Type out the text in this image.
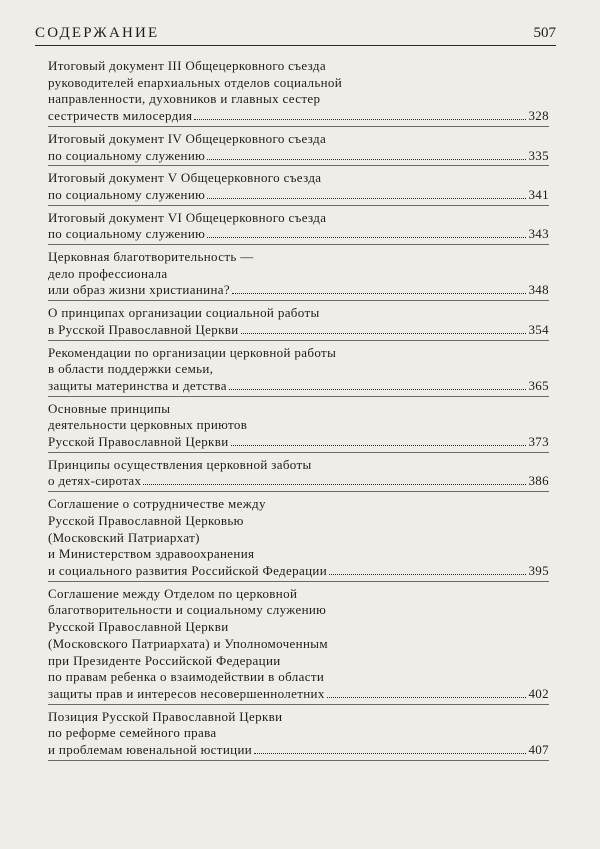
СОДЕРЖАНИЕ	507
Итоговый документ III Общецерковного съезда
руководителей епархиальных отделов социальной
направленности, духовников и главных сестер
сестричеств милосердия	328
Итоговый документ IV Общецерковного съезда
по социальному служению	335
Итоговый документ V Общецерковного съезда
по социальному служению	341
Итоговый документ VI Общецерковного съезда
по социальному служению	343
Церковная благотворительность —
дело профессионала
или образ жизни христианина?	348
О принципах организации социальной работы
в Русской Православной Церкви	354
Рекомендации по организации церковной работы
в области поддержки семьи,
защиты материнства и детства	365
Основные принципы
деятельности церковных приютов
Русской Православной Церкви	373
Принципы осуществления церковной заботы
о детях-сиротах	386
Соглашение о сотрудничестве между
Русской Православной Церковью
(Московский Патриархат)
и Министерством здравоохранения
и социального развития Российской Федерации	395
Соглашение между Отделом по церковной
благотворительности и социальному служению
Русской Православной Церкви
(Московского Патриархата) и Уполномоченным
при Президенте Российской Федерации
по правам ребенка о взаимодействии в области
защиты прав и интересов несовершеннолетних	402
Позиция Русской Православной Церкви
по реформе семейного права
и проблемам ювенальной юстиции	407
